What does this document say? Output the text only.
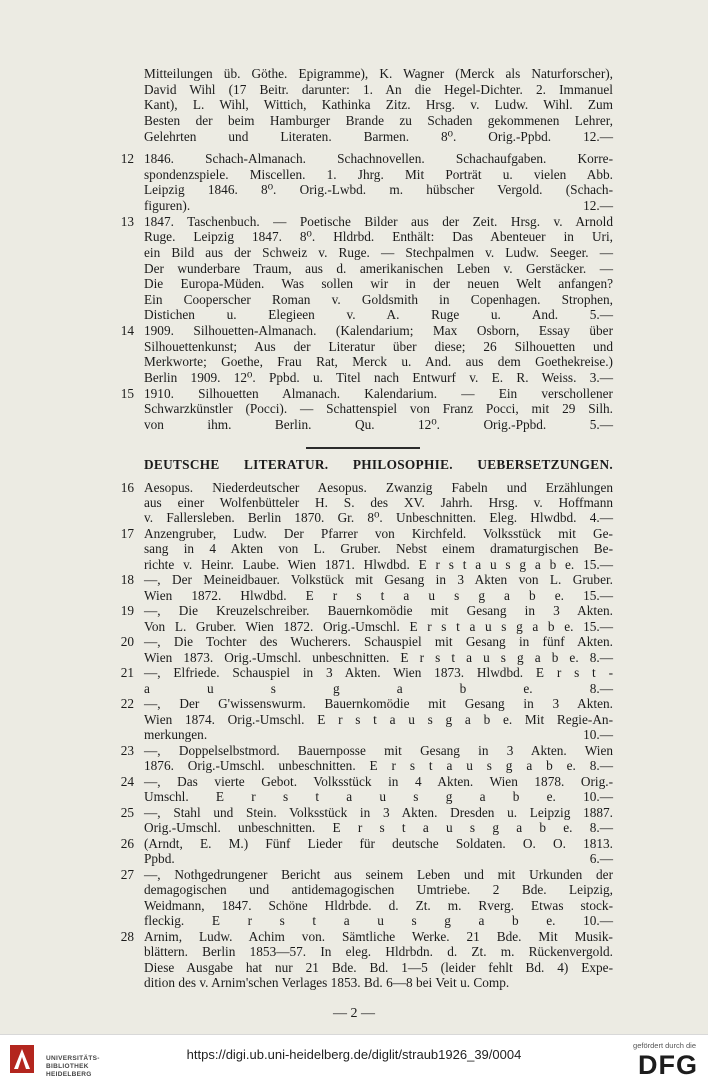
Mitteilungen üb. Göthe. Epigramme), K. Wagner (Merck als Naturforscher),
David Wihl (17 Beitr. darunter: 1. An die Hegel-Dichter. 2. Immanuel
Kant), L. Wihl, Wittich, Kathinka Zitz. Hrsg. v. Ludw. Wihl. Zum
Besten der beim Hamburger Brande zu Schaden gekommenen Lehrer,
Gelehrten und Literaten. Barmen. 8⁰. Orig.-Ppbd. 12.—
12 1846. Schach-Almanach. Schachnovellen. Schachaufgaben. Korre-
spondenzspiele. Miscellen. 1. Jhrg. Mit Porträt u. vielen Abb.
Leipzig 1846. 8⁰. Orig.-Lwbd. m. hübscher Vergold. (Schach-
figuren). 12.—
13 1847. Taschenbuch. — Poetische Bilder aus der Zeit. Hrsg. v. Arnold
Ruge. Leipzig 1847. 8⁰. Hldrbd. Enthält: Das Abenteuer in Uri,
ein Bild aus der Schweiz v. Ruge. — Stechpalmen v. Ludw. Seeger. —
Der wunderbare Traum, aus d. amerikanischen Leben v. Gerstäcker. —
Die Europa-Müden. Was sollen wir in der neuen Welt anfangen?
Ein Cooperscher Roman v. Goldsmith in Copenhagen. Strophen,
Distichen u. Elegieen v. A. Ruge u. And. 5.—
14 1909. Silhouetten-Almanach. (Kalendarium; Max Osborn, Essay über
Silhouettenkunst; Aus der Literatur über diese; 26 Silhouetten und
Merkworte; Goethe, Frau Rat, Merck u. And. aus dem Goethekreise.)
Berlin 1909. 12⁰. Ppbd. u. Titel nach Entwurf v. E. R. Weiss. 3.—
15 1910. Silhouetten Almanach. Kalendarium. — Ein verschollener
Schwarzkünstler (Pocci). — Schattenspiel von Franz Pocci, mit 29 Silh.
von ihm. Berlin. Qu. 12⁰. Orig.-Ppbd. 5.—
DEUTSCHE LITERATUR. PHILOSOPHIE. UEBERSETZUNGEN.
16 Aesopus. Niederdeutscher Aesopus. Zwanzig Fabeln und Erzählungen
aus einer Wolfenbütteler H. S. des XV. Jahrh. Hrsg. v. Hoffmann
v. Fallersleben. Berlin 1870. Gr. 8⁰. Unbeschnitten. Eleg. Hlwdbd. 4.—
17 Anzengruber, Ludw. Der Pfarrer von Kirchfeld. Volksstück mit Ge-
sang in 4 Akten von L. Gruber. Nebst einem dramaturgischen Be-
richte v. Heinr. Laube. Wien 1871. Hlwdbd. E r s t a u s g a b e. 15.—
18 —, Der Meineidbauer. Volkstück mit Gesang in 3 Akten von L. Gruber.
Wien 1872. Hlwdbd. E r s t a u s g a b e. 15.—
19 —, Die Kreuzelschreiber. Bauernkomödie mit Gesang in 3 Akten.
Von L. Gruber. Wien 1872. Orig.-Umschl. E r s t a u s g a b e. 15.—
20 —, Die Tochter des Wucherers. Schauspiel mit Gesang in fünf Akten.
Wien 1873. Orig.-Umschl. unbeschnitten. E r s t a u s g a b e. 8.—
21 —, Elfriede. Schauspiel in 3 Akten. Wien 1873. Hlwdbd. E r s t -
a u s g a b e. 8.—
22 —, Der G'wissenswurm. Bauernkomödie mit Gesang in 3 Akten.
Wien 1874. Orig.-Umschl. E r s t a u s g a b e. Mit Regie-An-
merkungen. 10.—
23 —, Doppelselbstmord. Bauernposse mit Gesang in 3 Akten. Wien
1876. Orig.-Umschl. unbeschnitten. E r s t a u s g a b e. 8.—
24 —, Das vierte Gebot. Volksstück in 4 Akten. Wien 1878. Orig.-
Umschl. E r s t a u s g a b e. 10.—
25 —, Stahl und Stein. Volksstück in 3 Akten. Dresden u. Leipzig 1887.
Orig.-Umschl. unbeschnitten. E r s t a u s g a b e. 8.—
26 (Arndt, E. M.) Fünf Lieder für deutsche Soldaten. O. O. 1813.
Ppbd. 6.—
27 —, Nothgedrungener Bericht aus seinem Leben und mit Urkunden der
demagogischen und antidemagogischen Umtriebe. 2 Bde. Leipzig,
Weidmann, 1847. Schöne Hldrbde. d. Zt. m. Rverg. Etwas stock-
fleckig. E r s t a u s g a b e. 10.—
28 Arnim, Ludw. Achim von. Sämtliche Werke. 21 Bde. Mit Musik-
blättern. Berlin 1853—57. In eleg. Hldrbdn. d. Zt. m. Rückenvergold.
Diese Ausgabe hat nur 21 Bde. Bd. 1—5 (leider fehlt Bd. 4) Expe-
dition des v. Arnim'schen Verlages 1853. Bd. 6—8 bei Veit u. Comp.
— 2 —
UNIVERSITÄTS-
BIBLIOTHEK
HEIDELBERG
https://digi.ub.uni-heidelberg.de/diglit/straub1926_39/0004
gefördert durch die
DFG
